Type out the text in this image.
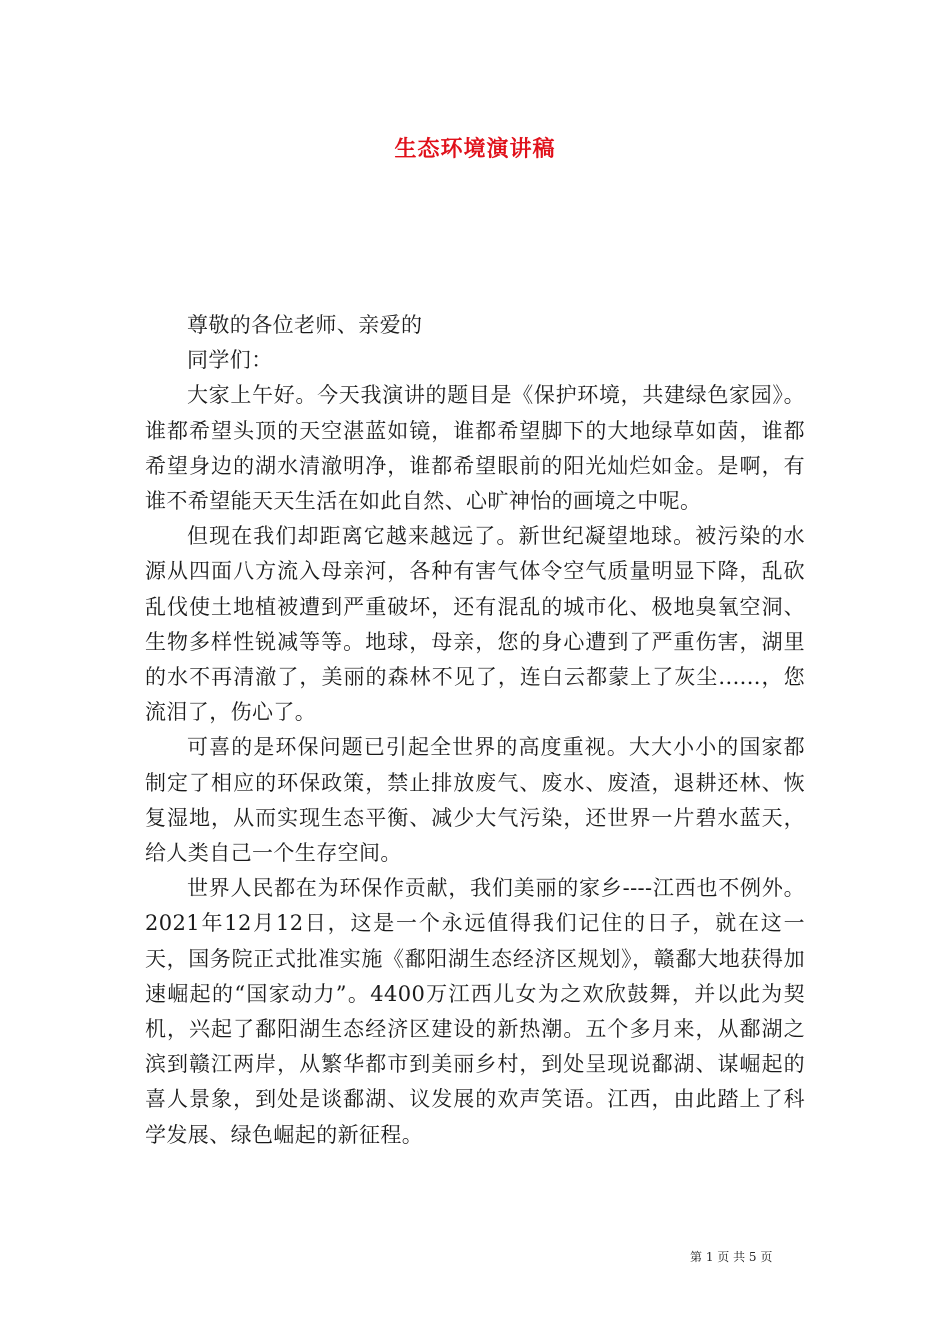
生态环境演讲稿

尊敬的各位老师、亲爱的

同学们：

大家上午好。今天我演讲的题目是《保护环境，共建绿色家园》。谁都希望头顶的天空湛蓝如镜，谁都希望脚下的大地绿草如茵，谁都希望身边的湖水清澈明净，谁都希望眼前的阳光灿烂如金。是啊，有谁不希望能天天生活在如此自然、心旷神怡的画境之中呢。

但现在我们却距离它越来越远了。新世纪凝望地球。被污染的水源从四面八方流入母亲河，各种有害气体令空气质量明显下降，乱砍乱伐使土地植被遭到严重破坏，还有混乱的城市化、极地臭氧空洞、生物多样性锐减等等。地球，母亲，您的身心遭到了严重伤害，湖里的水不再清澈了，美丽的森林不见了，连白云都蒙上了灰尘......，您流泪了，伤心了。

可喜的是环保问题已引起全世界的高度重视。大大小小的国家都制定了相应的环保政策，禁止排放废气、废水、废渣，退耕还林、恢复湿地，从而实现生态平衡、减少大气污染，还世界一片碧水蓝天，给人类自己一个生存空间。

世界人民都在为环保作贡献，我们美丽的家乡----江西也不例外。2021年12月12日，这是一个永远值得我们记住的日子，就在这一天，国务院正式批准实施《鄱阳湖生态经济区规划》，赣鄱大地获得加速崛起的“国家动力”。4400万江西儿女为之欢欣鼓舞，并以此为契机，兴起了鄱阳湖生态经济区建设的新热潮。五个多月来，从鄱湖之滨到赣江两岸，从繁华都市到美丽乡村，到处呈现说鄱湖、谋崛起的喜人景象，到处是谈鄱湖、议发展的欢声笑语。江西，由此踏上了科学发展、绿色崛起的新征程。

第 1 页 共 5 页
